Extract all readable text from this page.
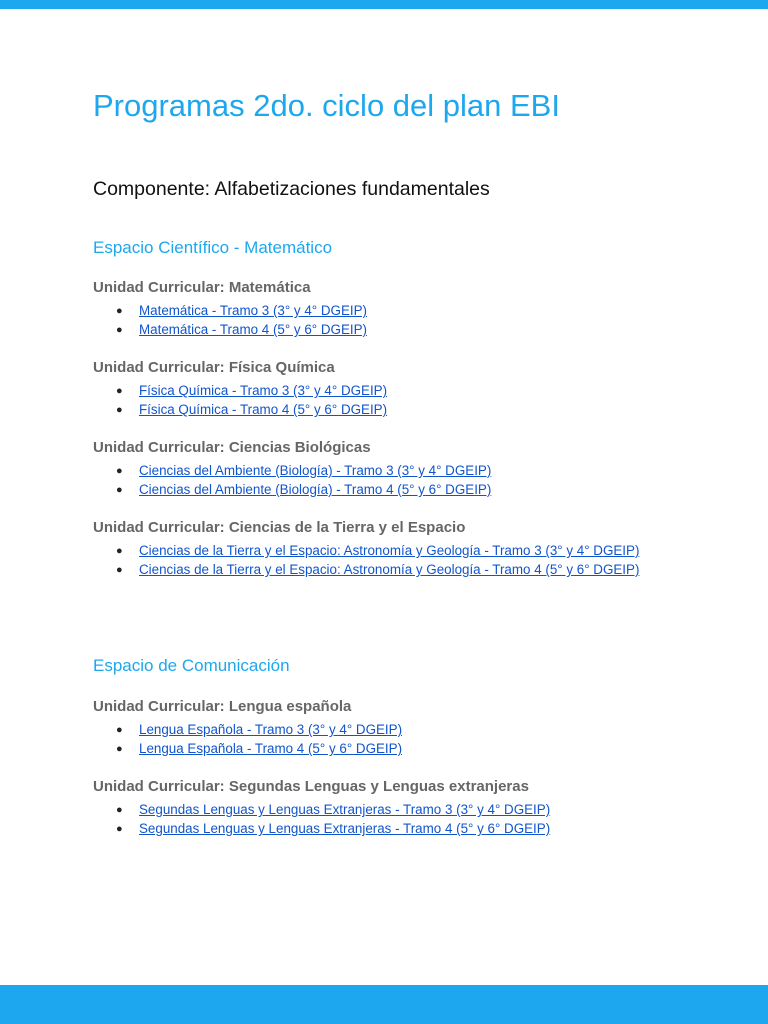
Programas 2do. ciclo del plan EBI
Componente: Alfabetizaciones fundamentales
Espacio Científico - Matemático
Unidad Curricular: Matemática
● Matemática - Tramo 3 (3° y 4° DGEIP)
● Matemática - Tramo 4 (5° y 6° DGEIP)
Unidad Curricular: Física Química
● Física Química - Tramo 3 (3° y 4° DGEIP)
● Física Química - Tramo 4 (5° y 6° DGEIP)
Unidad Curricular: Ciencias Biológicas
● Ciencias del Ambiente (Biología) - Tramo 3 (3° y 4° DGEIP)
● Ciencias del Ambiente (Biología) - Tramo 4 (5° y 6° DGEIP)
Unidad Curricular: Ciencias de la Tierra y el Espacio
● Ciencias de la Tierra y el Espacio: Astronomía y Geología - Tramo 3 (3° y 4° DGEIP)
● Ciencias de la Tierra y el Espacio: Astronomía y Geología - Tramo 4 (5° y 6° DGEIP)
Espacio de Comunicación
Unidad Curricular: Lengua española
● Lengua Española - Tramo 3 (3° y 4° DGEIP)
● Lengua Española - Tramo 4 (5° y 6° DGEIP)
Unidad Curricular: Segundas Lenguas y Lenguas extranjeras
● Segundas Lenguas y Lenguas Extranjeras - Tramo 3 (3° y 4° DGEIP)
● Segundas Lenguas y Lenguas Extranjeras - Tramo 4 (5° y 6° DGEIP)
